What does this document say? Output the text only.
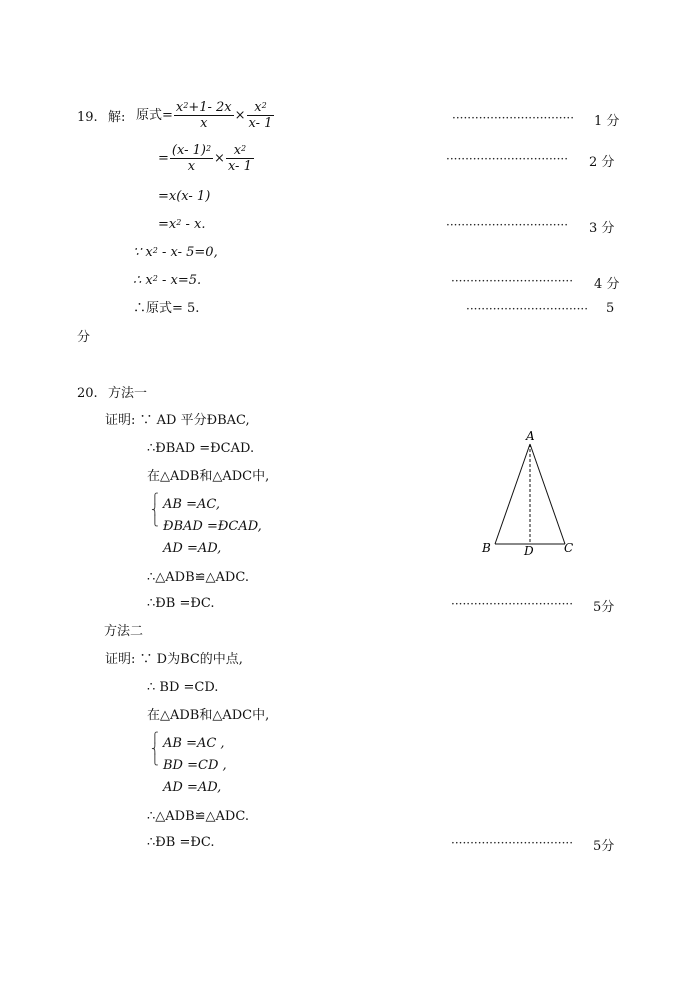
19. 解: 原式= $\frac{x^2+1- 2x}{x} \times \frac{x^2}{x- 1}$	································ 1 分
= $\frac{(x- 1)^2}{x} \times \frac{x^2}{x- 1}$	································ 2 分
=x(x- 1)
$=x^2 - x$.	································ 3 分
∵ $x^2 - x-$ 5=0,
∴ $x^2 - x=5$.	································ 4 分
∴原式= 5.	································ 5
分
20. 方法一
证明: ∵ AD 平分ÐBAC,
∴ÐBAD =ÐCAD.
在△ADB和△ADC中,
⎧
⎨
⎩
AB =AC,
ÐBAD =ÐCAD,
AD =AD,
∴△ADB≌△ADC.
∴ÐB =ÐC.	································ 5分
A
B	D	C
方法二
证明: ∵ D为BC的中点,
∴ BD =CD.
在△ADB和△ADC中,
⎧
⎨
⎩
AB =AC ,
BD =CD ,
AD =AD,
∴△ADB≌△ADC.
∴ÐB =ÐC.	································ 5分
